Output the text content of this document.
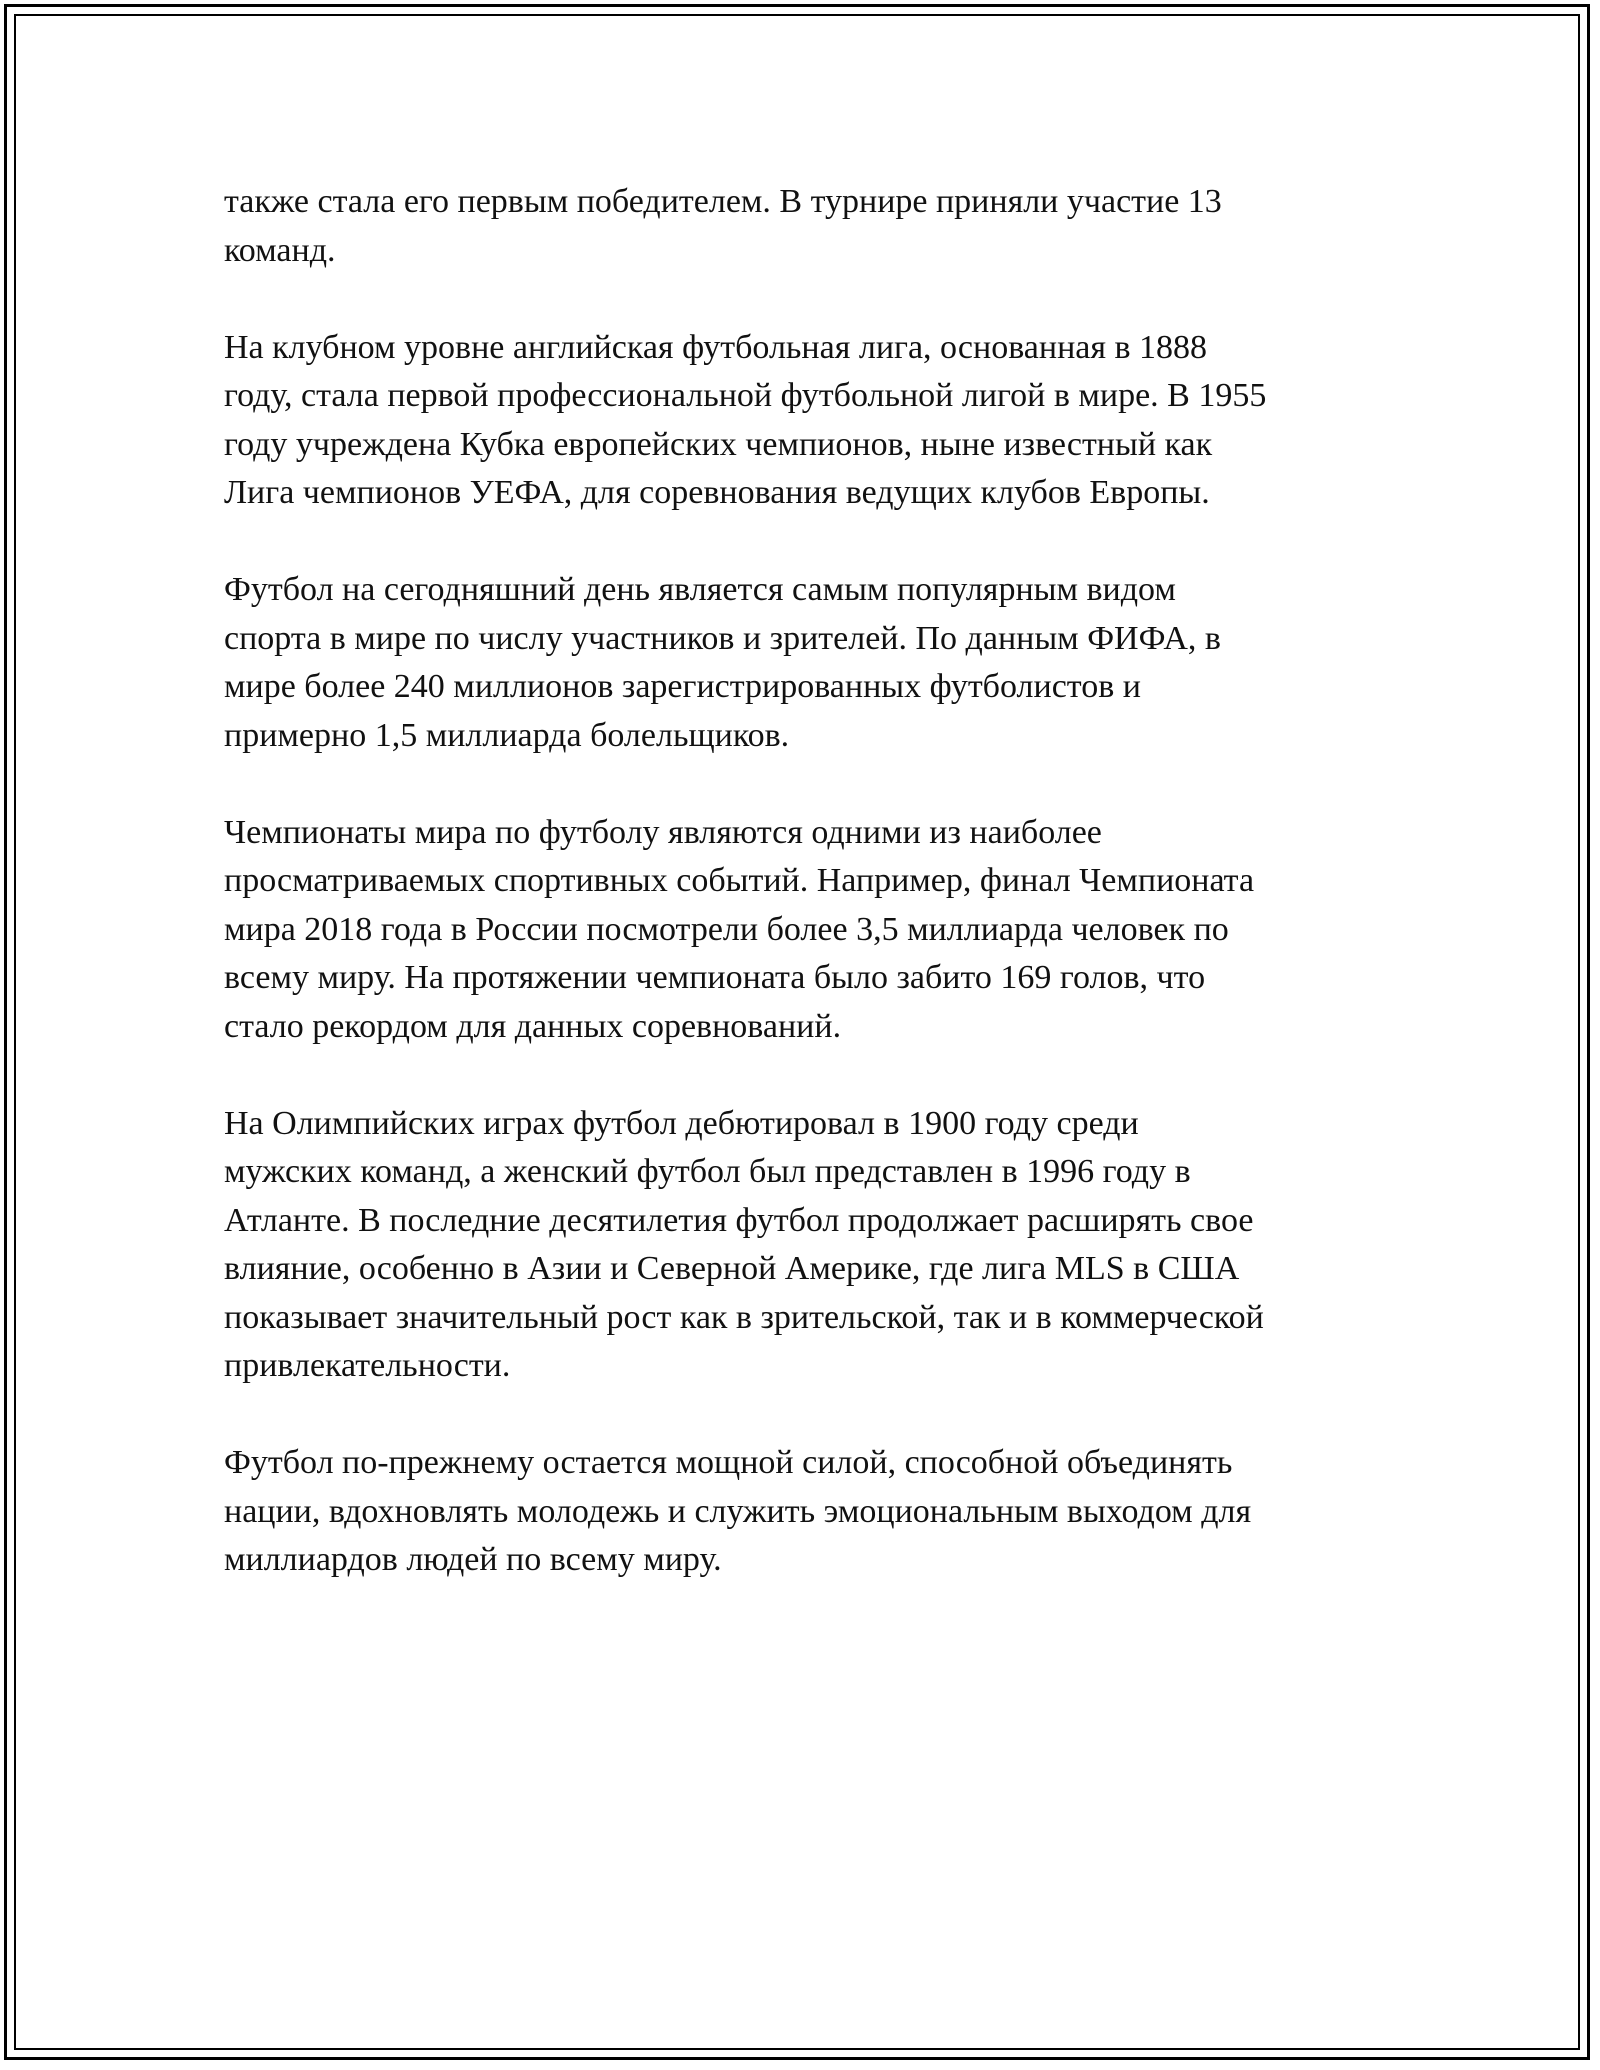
также стала его первым победителем. В турнире приняли участие 13
команд.

На клубном уровне английская футбольная лига, основанная в 1888
году, стала первой профессиональной футбольной лигой в мире. В 1955
году учреждена Кубка европейских чемпионов, ныне известный как
Лига чемпионов УЕФА, для соревнования ведущих клубов Европы.

Футбол на сегодняшний день является самым популярным видом
спорта в мире по числу участников и зрителей. По данным ФИФА, в
мире более 240 миллионов зарегистрированных футболистов и
примерно 1,5 миллиарда болельщиков.

Чемпионаты мира по футболу являются одними из наиболее
просматриваемых спортивных событий. Например, финал Чемпионата
мира 2018 года в России посмотрели более 3,5 миллиарда человек по
всему миру. На протяжении чемпионата было забито 169 голов, что
стало рекордом для данных соревнований.

На Олимпийских играх футбол дебютировал в 1900 году среди
мужских команд, а женский футбол был представлен в 1996 году в
Атланте. В последние десятилетия футбол продолжает расширять свое
влияние, особенно в Азии и Северной Америке, где лига MLS в США
показывает значительный рост как в зрительской, так и в коммерческой
привлекательности.

Футбол по-прежнему остается мощной силой, способной объединять
нации, вдохновлять молодежь и служить эмоциональным выходом для
миллиардов людей по всему миру.
